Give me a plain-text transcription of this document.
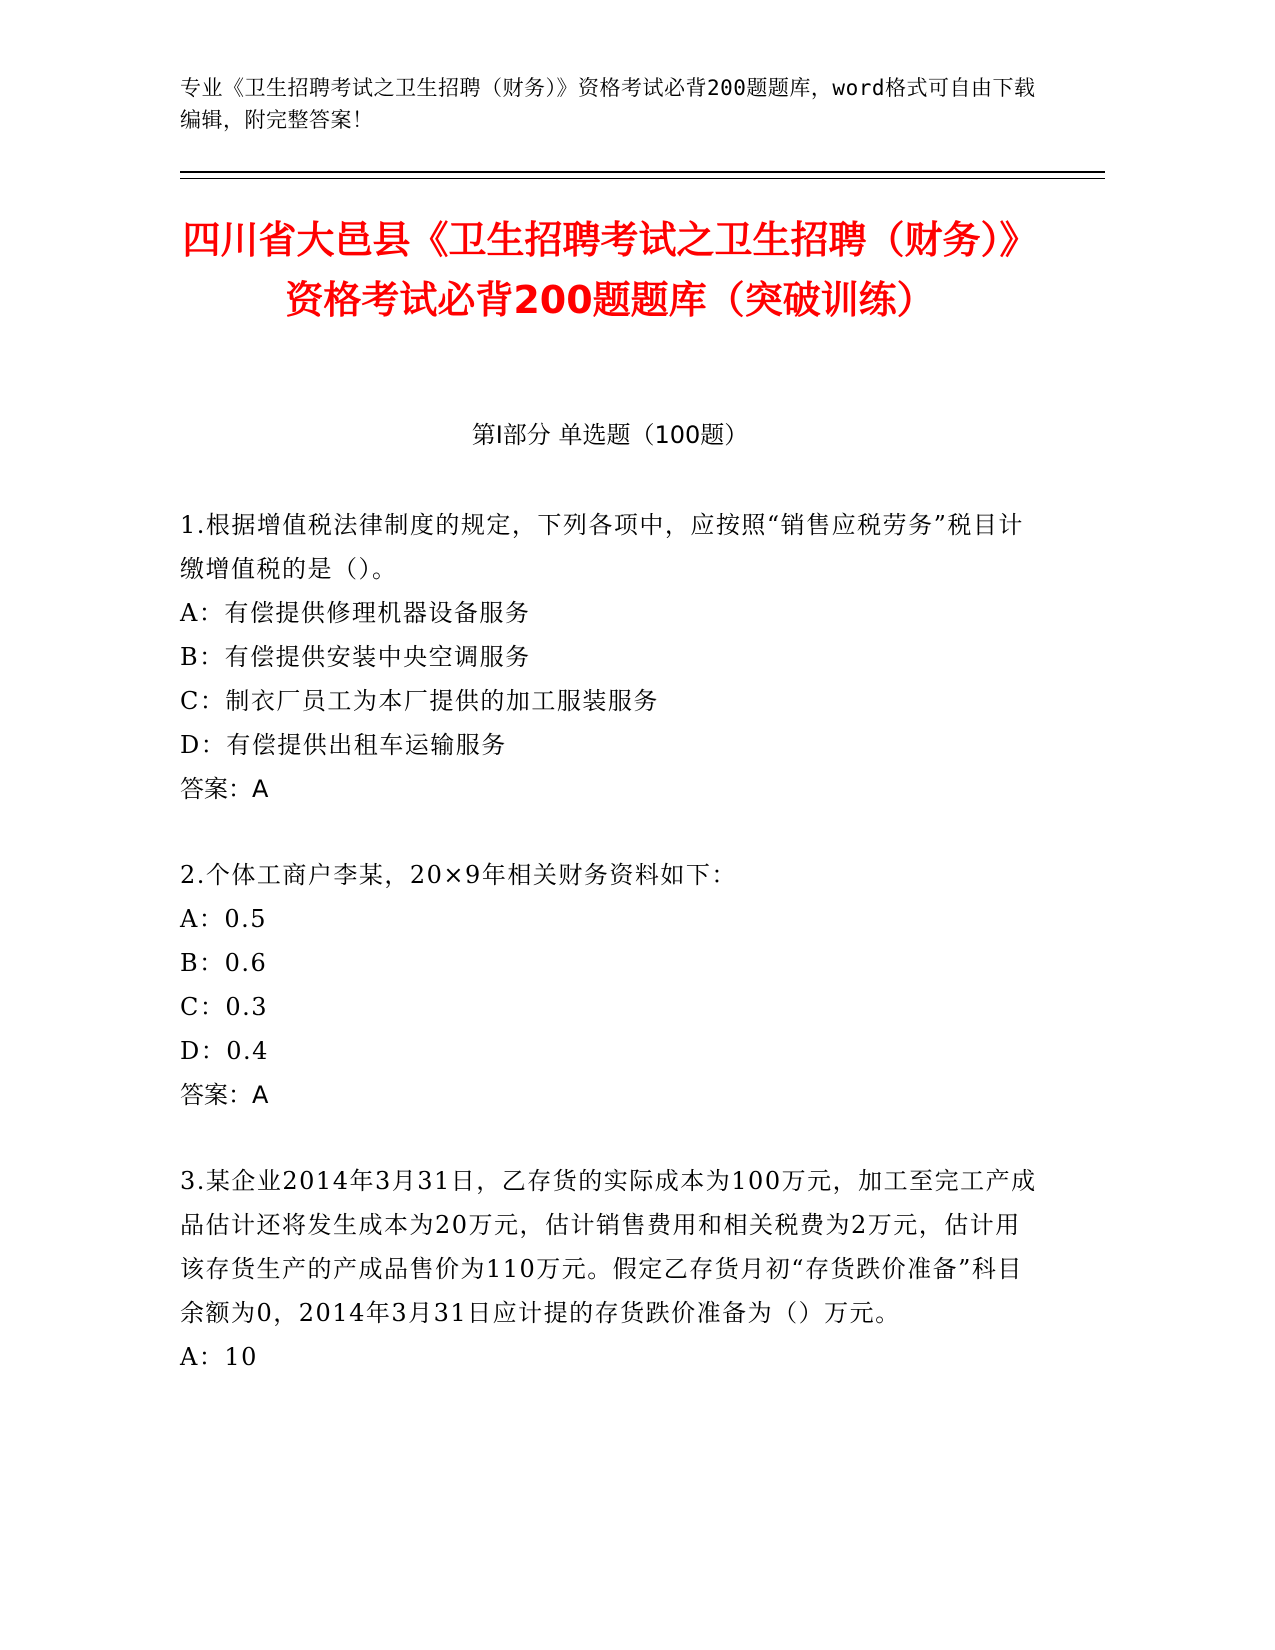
专业《卫生招聘考试之卫生招聘（财务）》资格考试必背200题题库，word格式可自由下载编辑，附完整答案！
四川省大邑县《卫生招聘考试之卫生招聘（财务）》资格考试必背200题题库（突破训练）
第I部分 单选题（100题）
1.根据增值税法律制度的规定，下列各项中，应按照“销售应税劳务”税目计缴增值税的是（）。
A：有偿提供修理机器设备服务
B：有偿提供安装中央空调服务
C：制衣厂员工为本厂提供的加工服装服务
D：有偿提供出租车运输服务
答案：A
2.个体工商户李某，20×9年相关财务资料如下：
A：0.5
B：0.6
C：0.3
D：0.4
答案：A
3.某企业2014年3月31日，乙存货的实际成本为100万元，加工至完工产成品估计还将发生成本为20万元，估计销售费用和相关税费为2万元，估计用该存货生产的产成品售价为110万元。假定乙存货月初“存货跌价准备”科目余额为0，2014年3月31日应计提的存货跌价准备为（）万元。
A：10
